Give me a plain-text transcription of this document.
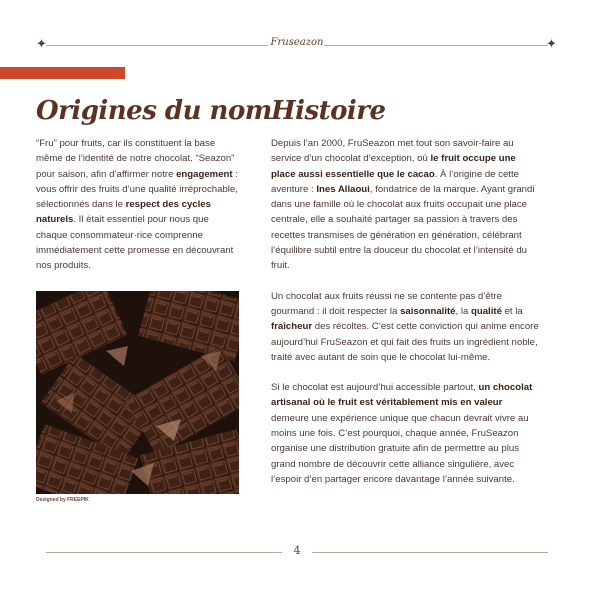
✦	Fruseazon	✦
Origines du nom

“Fru” pour fruits, car ils constituent la base même de l’identité de notre chocolat. “Seazon” pour saison, afin d’affirmer notre engagement : vous offrir des fruits d’une qualité irréprochable, sélectionnés dans le respect des cycles naturels. Il était essentiel pour nous que chaque consommateur·rice comprenne immédiatement cette promesse en découvrant nos produits.

Designed by FREEPIK
Histoire

Depuis l’an 2000, FruSeazon met tout son savoir-faire au service d’un chocolat d’exception, où le fruit occupe une place aussi essentielle que le cacao. À l’origine de cette aventure : Ines Allaoui, fondatrice de la marque. Ayant grandi dans une famille où le chocolat aux fruits occupait une place centrale, elle a souhaité partager sa passion à travers des recettes transmises de génération en génération, célébrant l’équilibre subtil entre la douceur du chocolat et l’intensité du fruit.

Un chocolat aux fruits réussi ne se contente pas d’être gourmand : il doit respecter la saisonnalité, la qualité et la fraîcheur des récoltes. C’est cette conviction qui anime encore aujourd’hui FruSeazon et qui fait des fruits un ingrédient noble, traité avec autant de soin que le chocolat lui-même.

Si le chocolat est aujourd’hui accessible partout, un chocolat artisanal où le fruit est véritablement mis en valeur demeure une expérience unique que chacun devrait vivre au moins une fois. C’est pourquoi, chaque année, FruSeazon organise une distribution gratuite afin de permettre au plus grand nombre de découvrir cette alliance singulière, avec l’espoir d’en partager encore davantage l’année suivante.

4
